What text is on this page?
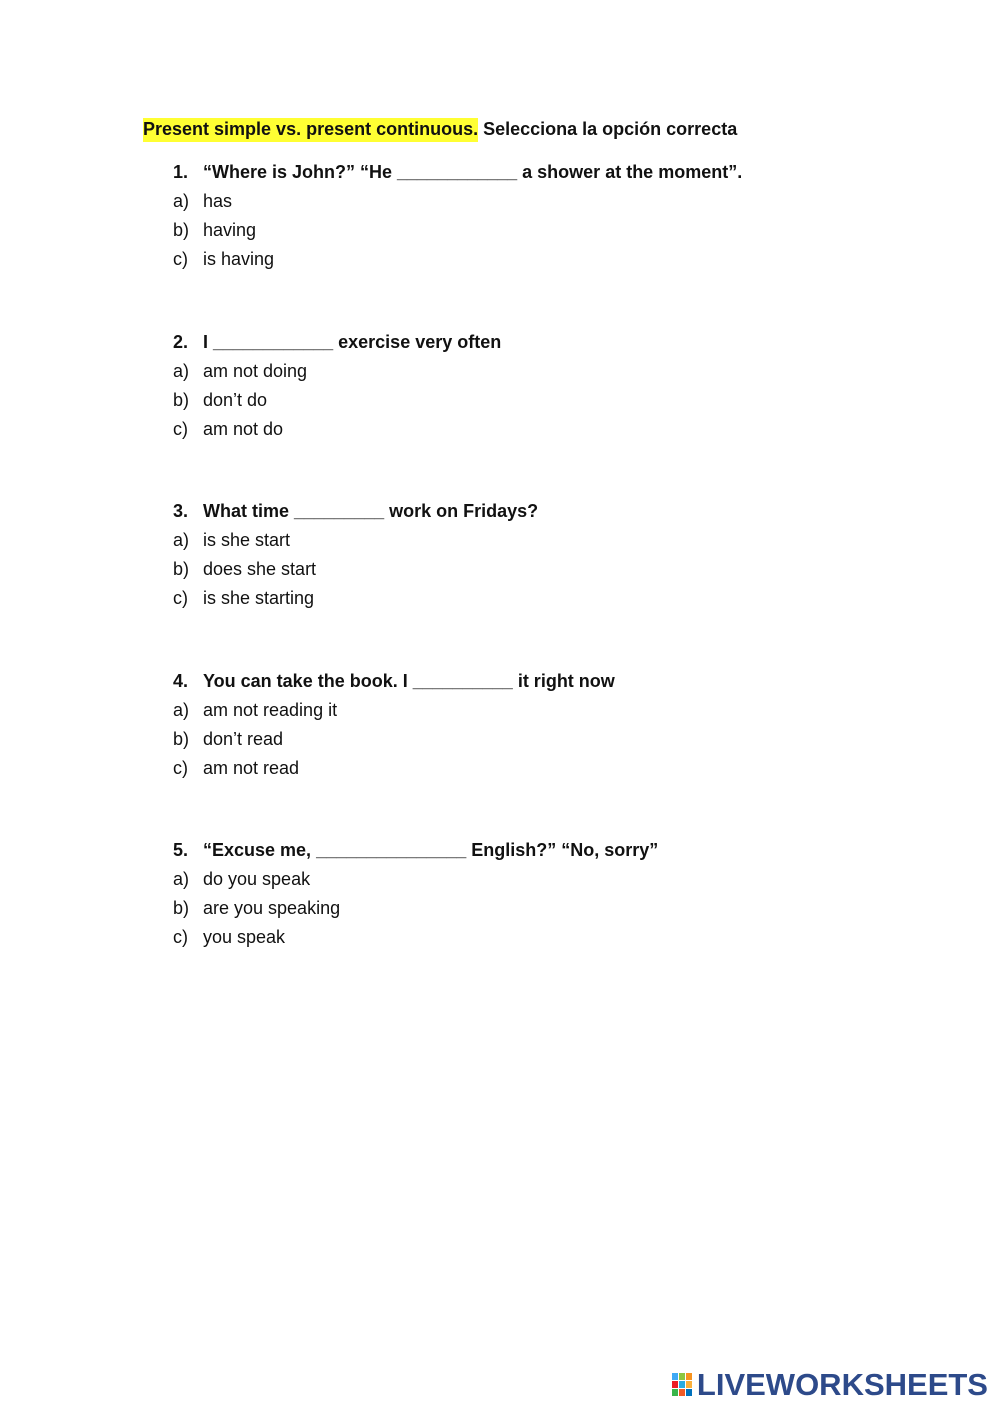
Present simple vs. present continuous. Selecciona la opción correcta
1. “Where is John?” “He ____________ a shower at the moment”.
a) has
b) having
c) is having
2. I ____________ exercise very often
a) am not doing
b) don’t do
c) am not do
3. What time _________ work on Fridays?
a) is she start
b) does she start
c) is she starting
4. You can take the book. I __________ it right now
a) am not reading it
b) don’t read
c) am not read
5. “Excuse me, _______________ English?” “No, sorry”
a) do you speak
b) are you speaking
c) you speak
LIVEWORKSHEETS
